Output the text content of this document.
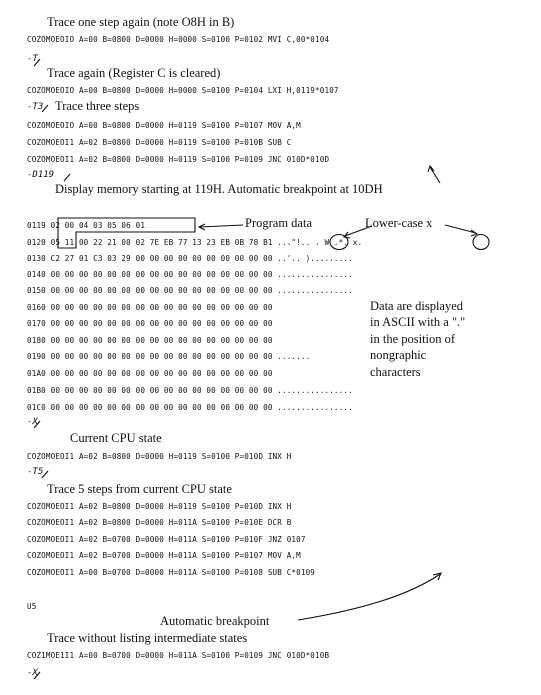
Trace one step again (note O8H in B)
COZOMOEOIO A=00 B=0800 D=0000 H=0000 S=0100 P=0102 MVI C,00*0104
-T
Trace again (Register C is cleared)
COZOMOEOIO A=00 B=0800 D=0000 H=0000 S=0100 P=0104 LXI H,0119*0107
-T3 Trace three steps
COZOMOEOIO A=00 B=0800 D=0000 H=0119 S=0100 P=0107 MOV A,M
COZOMOEOI1 A=02 B=0800 D=0000 H=0119 S=0100 P=010B SUB C
COZOMOEOI1 A=02 B=0800 D=0000 H=0119 S=0100 P=0109 JNC 010D*010D
-D119
Display memory starting at 119H. Automatic breakpoint at 10DH
0119 02 00 04 03 05 06 01	Program data	Lower-case x
0120 05 11 00 22 21 00 02 7E EB 77 13 23 EB 0B 78 B1 ..."!.. . W .*. x.
0130 C2 27 01 C3 03 29 00 00 00 00 00 00 00 00 00 00 ..'.. ).........
0140 00 00 00 00 00 00 00 00 00 00 00 00 00 00 00 00 ................
0150 00 00 00 00 00 00 00 00 00 00 00 00 00 00 00 00 ................
0160 00 00 00 00 00 00 00 00 00 00 00 00 00 00 00 00	Data are displayed
0170 00 00 00 00 00 00 00 00 00 00 00 00 00 00 00 00	in ASCII with a "."
0180 00 00 00 00 00 00 00 00 00 00 00 00 00 00 00 00	in the position of
0190 00 00 00 00 00 00 00 00 00 00 00 00 00 00 00 00 .......	nongraphic
01A0 00 00 00 00 00 00 00 00 00 00 00 00 00 00 00 00	characters
01B0 00 00 00 00 00 00 00 00 00 00 00 00 00 00 00 00 ................
01C0 00 00 00 00 00 00 00 00 00 00 00 00 00 00 00 00 ................
-X
Current CPU state
COZOMOEOI1 A=02 B=0800 D=0000 H=0119 S=0100 P=010D INX H
-T5
Trace 5 steps from current CPU state
COZOMOEOI1 A=02 B=0800 D=0000 H=0119 S=0100 P=010D INX H
COZOMOEOI1 A=02 B=0800 D=0000 H=011A S=0100 P=010E DCR B
COZOMOEOI1 A=02 B=0700 D=0000 H=011A S=0100 P=010F JNZ 0107
COZOMOEOI1 A=02 B=0700 D=0000 H=011A S=0100 P=0107 MOV A,M
COZOMOEOI1 A=00 B=0700 D=0000 H=011A S=0100 P=0108 SUB C*0109
U5
Automatic breakpoint
Trace without listing intermediate states
COZ1MOE1I1 A=00 B=0700 D=0000 H=011A S=0100 P=0109 JNC 010D*010B
-X
